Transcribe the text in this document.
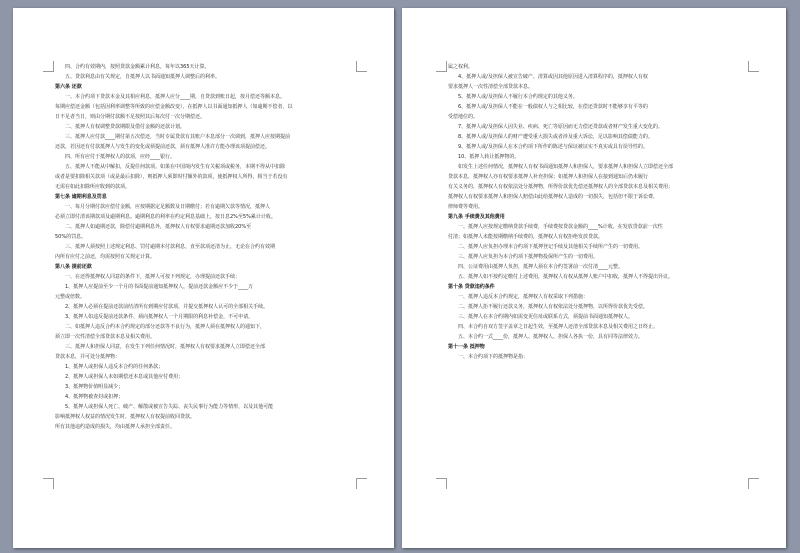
四、合约有效期内，按照贷款金额累计利息，每年以365天计算。
五、贷款利息由有关规定，自抵押人以书面通知抵押人调整后的利率。
第六条 还款
一、本合约项下贷款本金及其相应利息，抵押人应分____期，自贷款到账日起，按月偿还等额本息。
每期应偿还金额（包括因利率调整等所致的应偿金额改变），在抵押人以书面通知抵押人（如逾期不偿者，以
日不足者当日，则由分期付款额不足按照其后每次付一次分期偿还。
二、抵押人有权调整贷款期限及借付金额的还款计划。
三、抵押人应付款____期付第五次偿还，当时专属贷款有其账户本息部分一次调到，抵押人应按期提前
还款，若因还有付款抵押人与发生的变化或须提前还款，须有抵押人准许方能办理该项提前偿还。
四、所有应付于抵押权人的款项，应经____银行。
五、抵押人不能从中解扣，反提任何款项。如果在中国境内发生有关税项或税务，本期不得从中扣除
或者是要扣除相关款项（或是最后扣除），则抵押人须即时付额外的款项，使抵押权人所得，相当于若没有
无需在如此扣除所应收到的款项。
第七条 逾期利息及罚息
一、每月分期付款应偿付金额，应按期据定足额数及日期缴付；若有逾期欠款等情况，抵押人
必须立即付清该期款项及逾期利息。逾期利息的利率在约定利息基础上，按日息2%至5%累计计收。
二、抵押人如逾期还款，除偿付逾期利息外，抵押权人有权要求逾期还款加收20%至
50%的罚息。
三、抵押人须按照上述规定利息、罚付逾期本付款利息，直至款项还清为止，无论在合约有效期
内所有应付之前还，均需按照有关规定计算。
第八条 提前还款
一、在还得抵押权人同意的条件下，抵押人可按下列规定，办理提前还款手续：
1、抵押人应提前至少一个月的书面提前通知抵押权人，提前还款金额应不少于____万
元整或倍数。
2、抵押人必须在提前还款前结清所有到期应付款项，并提交抵押权人认可的全部相关手续。
3、抵押人如违反提前还款条件，须向抵押权人一个月期限的利息补偿金，不可申请。
二、如抵押人违反合约本合约规定的部分还款等不良行为，抵押人须在抵押权人的通知下，
须立即一次性清偿全部贷款本息及相关费用。
三、抵押人和担保人同意，在发生下列任何情况时，抵押权人有权要求抵押人立即偿还全部
贷款本息，并可处分抵押物：
1、抵押人或担保人违反本合约的任何条款；
2、抵押人或担保人未如期偿还本息或其他应付费用；
3、抵押物价值明显减少；
4、抵押物被查封或扣押；
5、抵押人或担保人死亡、破产、解散或被宣告失踪、丧失民事行为能力等情形，以及其他可能
影响抵押权人权益的情况发生时，抵押权人有权提前收回贷款。
所有其他违约造成的损失，均由抵押人承担全部责任。
属之权利。
4、抵押人或/及担保人被宣告破产、清算或因其他原因进入清算程序的，抵押权人有权
要求抵押人一次性清偿全部贷款本息。
5、抵押人或/及担保人不履行本合约规定的其他义务。
6、抵押人或/及担保人不能在一般债权人与之相比较，在偿还贷款时不能够享有平等的
受偿地位的。
7、抵押人或/及担保人因失业、疾病、死亡等原因而无力偿还贷款或者财产发生重大变化的。
8、抵押人或/及担保人的财产遭受重大损失或者涉及重大诉讼，足以影响其偿债能力的。
9、抵押人或/及担保人在本合约项下所作的陈述与保证被证实不真实或具有误导性的。
10、抵押人转让抵押物的。
如发生上述任何情况，抵押权人有权书面通知抵押人和担保人，要求抵押人和担保人立即偿还全部
贷款本息，抵押权人亦有权要求抵押人补充担保；如抵押人和担保人在接到通知后仍未履行
有关义务的，抵押权人有权依法处分抵押物，所得价款优先偿还抵押权人的全部贷款本息及相关费用；
抵押权人有权要求抵押人和担保人赔偿由此给抵押权人造成的一切损失，包括但不限于诉讼费、
律师费等费用。
第九条 手续费及其他费用
一、抵押人应按规定缴纳贷款手续费，手续费按贷款金额的____%计收，在发放贷款前一次性
付清；如抵押人未能按期缴纳手续费的，抵押权人有权拒绝发放贷款。
二、抵押人应负担办理本合约项下抵押登记手续及其他相关手续所产生的一切费用。
三、抵押人应负担为本合约项下抵押物投保所产生的一切费用。
四、公证费用由抵押人负担，抵押人须在本合约签署前一次付清____元整。
五、抵押人如不按约定缴付上述费用，抵押权人有权从抵押人账户中扣收，抵押人不得提出异议。
第十条 贷款违约条件
一、抵押人违反本合约规定，抵押权人有权采取下列措施：
二、抵押人拒不履行还款义务，抵押权人有权依法处分抵押物，以所得价款优先受偿。
三、抵押人在本合约期内如需变更住址或联系方式，须提前书面通知抵押权人。
四、本合约自双方签字盖章之日起生效，至抵押人还清全部贷款本息及相关费用之日终止。
五、本合约一式____份，抵押人、抵押权人、担保人各执一份，具有同等法律效力。
第十一条 抵押物
一、本合约项下的抵押物是指：
